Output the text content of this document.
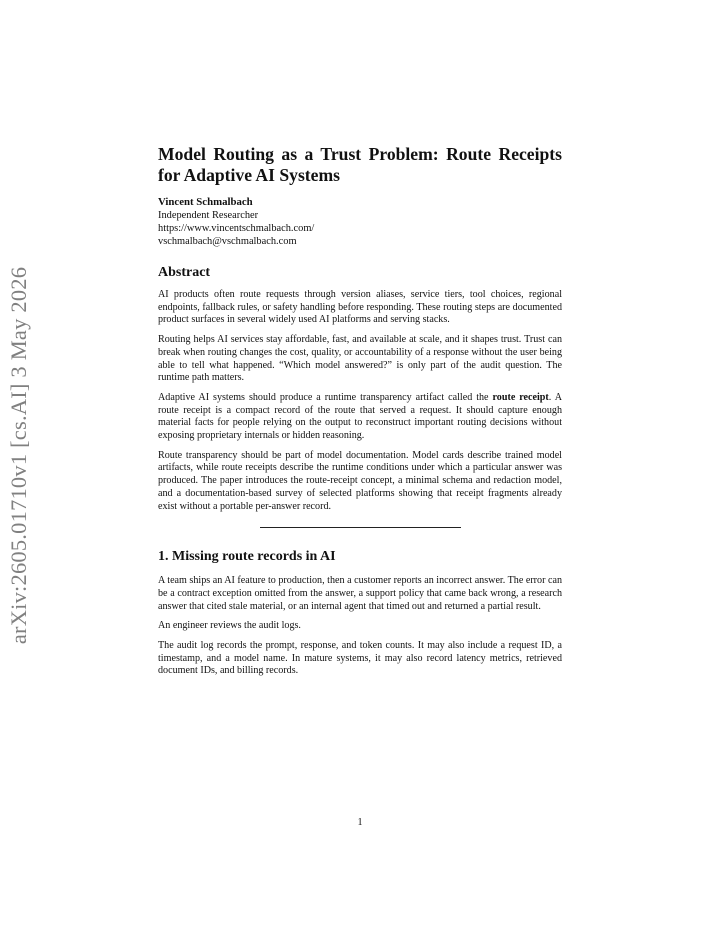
arXiv:2605.01710v1 [cs.AI] 3 May 2026
Model Routing as a Trust Problem: Route Receipts for Adaptive AI Systems

Vincent Schmalbach

Independent Researcher

https://www.vincentschmalbach.com/

vschmalbach@vschmalbach.com

Abstract

AI products often route requests through version aliases, service tiers, tool choices, regional endpoints, fallback rules, or safety handling before responding. These routing steps are documented product surfaces in several widely used AI platforms and serving stacks.

Routing helps AI services stay affordable, fast, and available at scale, and it shapes trust. Trust can break when routing changes the cost, quality, or accountability of a response without the user being able to tell what happened. “Which model answered?” is only part of the audit question. The runtime path matters.

Adaptive AI systems should produce a runtime transparency artifact called the route receipt. A route receipt is a compact record of the route that served a request. It should capture enough material facts for people relying on the output to reconstruct important routing decisions without exposing proprietary internals or hidden reasoning.

Route transparency should be part of model documentation. Model cards describe trained model artifacts, while route receipts describe the runtime conditions under which a particular answer was produced. The paper introduces the route-receipt concept, a minimal schema and redaction model, and a documentation-based survey of selected platforms showing that receipt fragments already exist without a portable per-answer record.

1. Missing route records in AI

A team ships an AI feature to production, then a customer reports an incorrect answer. The error can be a contract exception omitted from the answer, a support policy that came back wrong, a research answer that cited stale material, or an internal agent that timed out and returned a partial result.

An engineer reviews the audit logs.

The audit log records the prompt, response, and token counts. It may also include a request ID, a timestamp, and a model name. In mature systems, it may also record latency metrics, retrieved document IDs, and billing records.

1
